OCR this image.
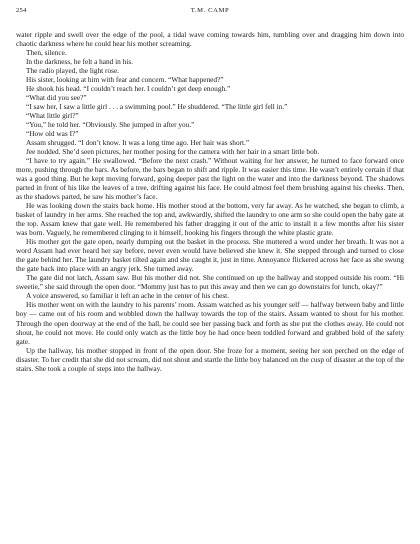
254	T.M. CAMP

water ripple and swell over the edge of the pool, a tidal wave coming towards him, tumbling over and dragging him down into chaotic darkness where he could hear his mother screaming.

Then, silence.

In the darkness, he felt a hand in his.

The radio played, the light rose.

His sister, looking at him with fear and concern. “What happened?”

He shook his head. “I couldn’t reach her. I couldn’t get deep enough.”

“What did you see?”

“I saw her, I saw a little girl . . . a swimming pool.” He shuddered. “The little girl fell in.”

“What little girl?”

“You,” he told her. “Obviously. She jumped in after you.”

“How old was I?”

Assam shrugged. “I don’t know. It was a long time ago. Her hair was short.”

Jee nodded. She’d seen pictures, her mother posing for the camera with her hair in a smart little bob.

“I have to try again.” He swallowed. “Before the next crash.” Without waiting for her answer, he turned to face forward once more, pushing through the bars. As before, the bars began to shift and ripple. It was easier this time. He wasn’t entirely certain if that was a good thing. But he kept moving forward, going deeper past the light on the water and into the darkness beyond. The shadows parted in front of his like the leaves of a tree, drifting against his face. He could almost feel them brushing against his cheeks. Then, as the shadows parted, he saw his mother’s face.

He was looking down the stairs back home. His mother stood at the bottom, very far away. As he watched, she began to climb, a basket of laundry in her arms. She reached the top and, awkwardly, shifted the laundry to one arm so she could open the baby gate at the top. Assam knew that gate well. He remembered his father dragging it out of the attic to install it a few months after his sister was born. Vaguely, he remembered clinging to it himself, hooking his fingers through the white plastic grate.

His mother got the gate open, nearly dumping out the basket in the process. She muttered a word under her breath. It was not a word Assam had ever heard her say before, never even would have believed she knew it. She stepped through and turned to close the gate behind her. The laundry basket tilted again and she caught it, just in time. Annoyance flickered across her face as she swung the gate back into place with an angry jerk. She turned away.

The gate did not latch, Assam saw. But his mother did not. She continued on up the hallway and stopped outside his room. “Hi sweetie,” she said through the open door. “Mommy just has to put this away and then we can go downstairs for lunch, okay?”

A voice answered, so familiar it left an ache in the center of his chest.

His mother went on with the laundry to his parents’ room. Assam watched as his younger self — halfway between baby and little boy — came out of his room and wobbled down the hallway towards the top of the stairs. Assam wanted to shout for his mother. Through the open doorway at the end of the hall, he could see her passing back and forth as she put the clothes away. He could not shout, he could not move. He could only watch as the little boy he had once been toddled forward and grabbed hold of the safety gate.

Up the hallway, his mother stopped in front of the open door. She froze for a moment, seeing her son perched on the edge of disaster. To her credit that she did not scream, did not shout and startle the little boy balanced on the cusp of disaster at the top of the stairs. She took a couple of steps into the hallway.
